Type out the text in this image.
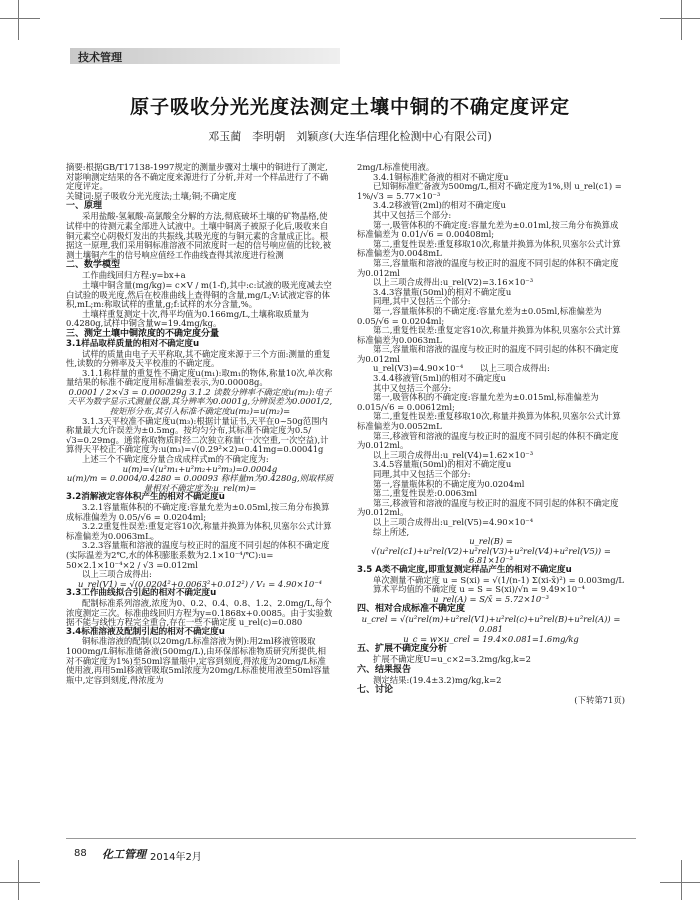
技术管理
原子吸收分光光度法测定土壤中铜的不确定度评定
邓玉蔺　李明朝　刘颖彦(大连华信理化检测中心有限公司)
摘要:根据GB/T17138-1997规定的测量步骤对土壤中的铜进行了测定,对影响测定结果的各不确定度来源进行了分析,并对一个样品进行了不确定度评定。
关键词:原子吸收分光光度法;土壤;铜;不确定度
一、原理
采用盐酸-氢氟酸-高氯酸全分解的方法,彻底破坏土壤的矿物晶格,使试样中的待测元素全部进入试液中。土壤中铜离子被原子化后,吸收来自铜元素空心阴极灯发出的共振线,其吸光度的与铜元素的含量成正比。根据这一原理,我们采用铜标准溶液不同浓度时一起的信号响应值的比较,被测土壤铜产生的信号响应值经工作曲线查得其浓度进行检测
二、数学模型
工作曲线回归方程:y=bx+a
土壤中铜含量(mg/kg)= c×V / m(1-f),其中:c:试液的吸光度减去空白试验的吸光度,然后在校准曲线上查得铜的含量,mg/L;V:试液定容的体积,mL;m:称取试样的重量,g;f:试样的水分含量,%。
土壤样重复测定十次,得平均值为0.166mg/L,土壤称取质量为0.4280g,试样中铜含量w=19.4mg/kg。
三、测定土壤中铜浓度的不确定度分量
3.1样品取样质量的相对不确定度u
试样的质量由电子天平称取,其不确定度来源于三个方面:测量的重复性,读数的分辨率及天平校准的不确定度。
3.1.1称样量的重复性不确定度u(m₁):取m₁的物体,称量10次,单次称量结果的标准不确定度用标准偏差表示,为0.00008g。
0.0001 / 2×√3 = 0.000029g 3.1.2 读数分辨率不确定度u(m₂):电子天平为数字显示式测量仪器,其分辨率为0.0001g,分辨误差为0.0001/2,按矩形分布,其引入标准不确定度u(m₂)=u(m₂)=
3.1.3天平校准不确定度u(m₃):根据计量证书,天平在0~50g范围内称量最大允许误差为±0.5mg。按均匀分布,其标准不确定度为0.5/√3=0.29mg。通常称取物质时经二次独立称量(一次空重,一次空益),计算得天平校正不确定度为:u(m₃)=√(0.29²×2)=0.41mg=0.00041g
上述三个不确定度分量合成成样式m的不确定度为:
u(m)=√(u²m₁+u²m₂+u²m₃)=0.0004g
u(m)/m = 0.0004/0.4280 = 0.00093 称样量m为0.4280g,则取样质量相对不确定度为:u_rel(m)=
3.2消解液定容体积产生的相对不确定度u
3.2.1容量瓶体积的不确定度:容量允差为±0.05ml,按三角分布换算成标准偏差为 0.05/√6 = 0.0204ml;
3.2.2重复性误差:重复定容10次,称量并换算为体积,贝塞尔公式计算标准偏差为0.0063mL。
3.2.3容量瓶和溶液的温度与校正时的温度不同引起的体积不确定度(实际温差为2℃,水的体积膨胀系数为2.1×10⁻⁴/℃):u= 50×2.1×10⁻⁴×2 / √3 =0.012ml
以上三项合成得出:
u_rel(V1) = √(0.0204²+0.0063²+0.012²) / V₁ = 4.90×10⁻⁴
3.3工作曲线拟合引起的相对不确定度u
配制标准系列溶液,浓度为0、0.2、0.4、0.8、1.2、2.0mg/L,每个浓度测定三次。标准曲线回归方程为y=0.1868x+0.0085。由于实验数据不能与线性方程完全重合,存在一些不确定度 u_rel(c)=0.080
3.4标准溶液及配制引起的相对不确定度u
铜标准溶液的配制(以20mg/L标准溶液为例):用2ml移液管吸取1000mg/L铜标准储备液(500mg/L),由环保部标准物质研究所提供,相对不确定度为1%)至50ml容量瓶中,定容到刻度,得浓度为20mg/L标准使用液,再用5ml移液管吸取5ml浓度为20mg/L标准使用液至50ml容量瓶中,定容到刻度,得浓度为
2mg/L标准使用液。
3.4.1铜标准贮备液的相对不确定度u
已知铜标准贮备液为500mg/L,相对不确定度为1%,则 u_rel(c1) = 1%/√3 = 5.77×10⁻³
3.4.2移液管(2ml)的相对不确定度u
其中又包括三个部分:
第一,吸管体积的不确定度:容量允差为±0.01ml,按三角分布换算成标准偏差为 0.01/√6 = 0.00408ml;
第二,重复性误差:重复移取10次,称量并换算为体积,贝塞尔公式计算标准偏差为0.0048mL
第三,容量瓶和溶液的温度与校正时的温度不同引起的体积不确定度为0.012ml
以上三项合成得出:u_rel(V2)=3.16×10⁻³
3.4.3容量瓶(50ml)的相对不确定度u
同理,其中又包括三个部分:
第一,容量瓶体积的不确定度:容量允差为±0.05ml,标准偏差为 0.05/√6 = 0.0204ml;
第二,重复性误差:重复定容10次,称量并换算为体积,贝塞尔公式计算标准偏差为0.0063mL
第三,容量瓶和溶液的温度与校正时的温度不同引起的体积不确定度为0.012ml
u_rel(V3)=4.90×10⁻⁴　　以上三项合成得出:
3.4.4移液管(5ml)的相对不确定度u
其中又包括三个部分:
第一,吸管体积的不确定度:容量允差为±0.015ml,标准偏差为 0.015/√6 = 0.00612ml;
第二,重复性误差:重复移取10次,称量并换算为体积,贝塞尔公式计算标准偏差为0.0052mL
第三,移液管和溶液的温度与校正时的温度不同引起的体积不确定度为0.012ml。
以上三项合成得出:u_rel(V4)=1.62×10⁻³
3.4.5容量瓶(50ml)的相对不确定度u
同理,其中又包括三个部分:
第一,容量瓶体积的不确定度为0.0204ml
第二,重复性误差:0.0063ml
第三,移液管和溶液的温度与校正时的温度不同引起的体积不确定度为0.012ml。
以上三项合成得出:u_rel(V5)=4.90×10⁻⁴
综上所述,
u_rel(B) = √(u²rel(c1)+u²rel(V2)+u²rel(V3)+u²rel(V4)+u²rel(V5)) = 6.81×10⁻³
3.5 A类不确定度,即重复测定样品产生的相对不确定度u
单次测量不确定度 u = S(xi) = √(1/(n-1) Σ(xi-x̄)²) = 0.003mg/L
算术平均值的不确定度 u = S = S(xi)/√n = 9.49×10⁻⁴
u_rel(A) = S/x̄ = 5.72×10⁻³
四、相对合成标准不确定度
u_crel = √(u²rel(m)+u²rel(V1)+u²rel(c)+u²rel(B)+u²rel(A)) = 0.081
u_c = w×u_crel = 19.4×0.081=1.6mg/kg
五、扩展不确定度分析
扩展不确定度U=u_c×2=3.2mg/kg,k=2
六、结果报告
测定结果:(19.4±3.2)mg/kg,k=2
七、讨论
(下转第71页)
88 化工管理 2014年2月
